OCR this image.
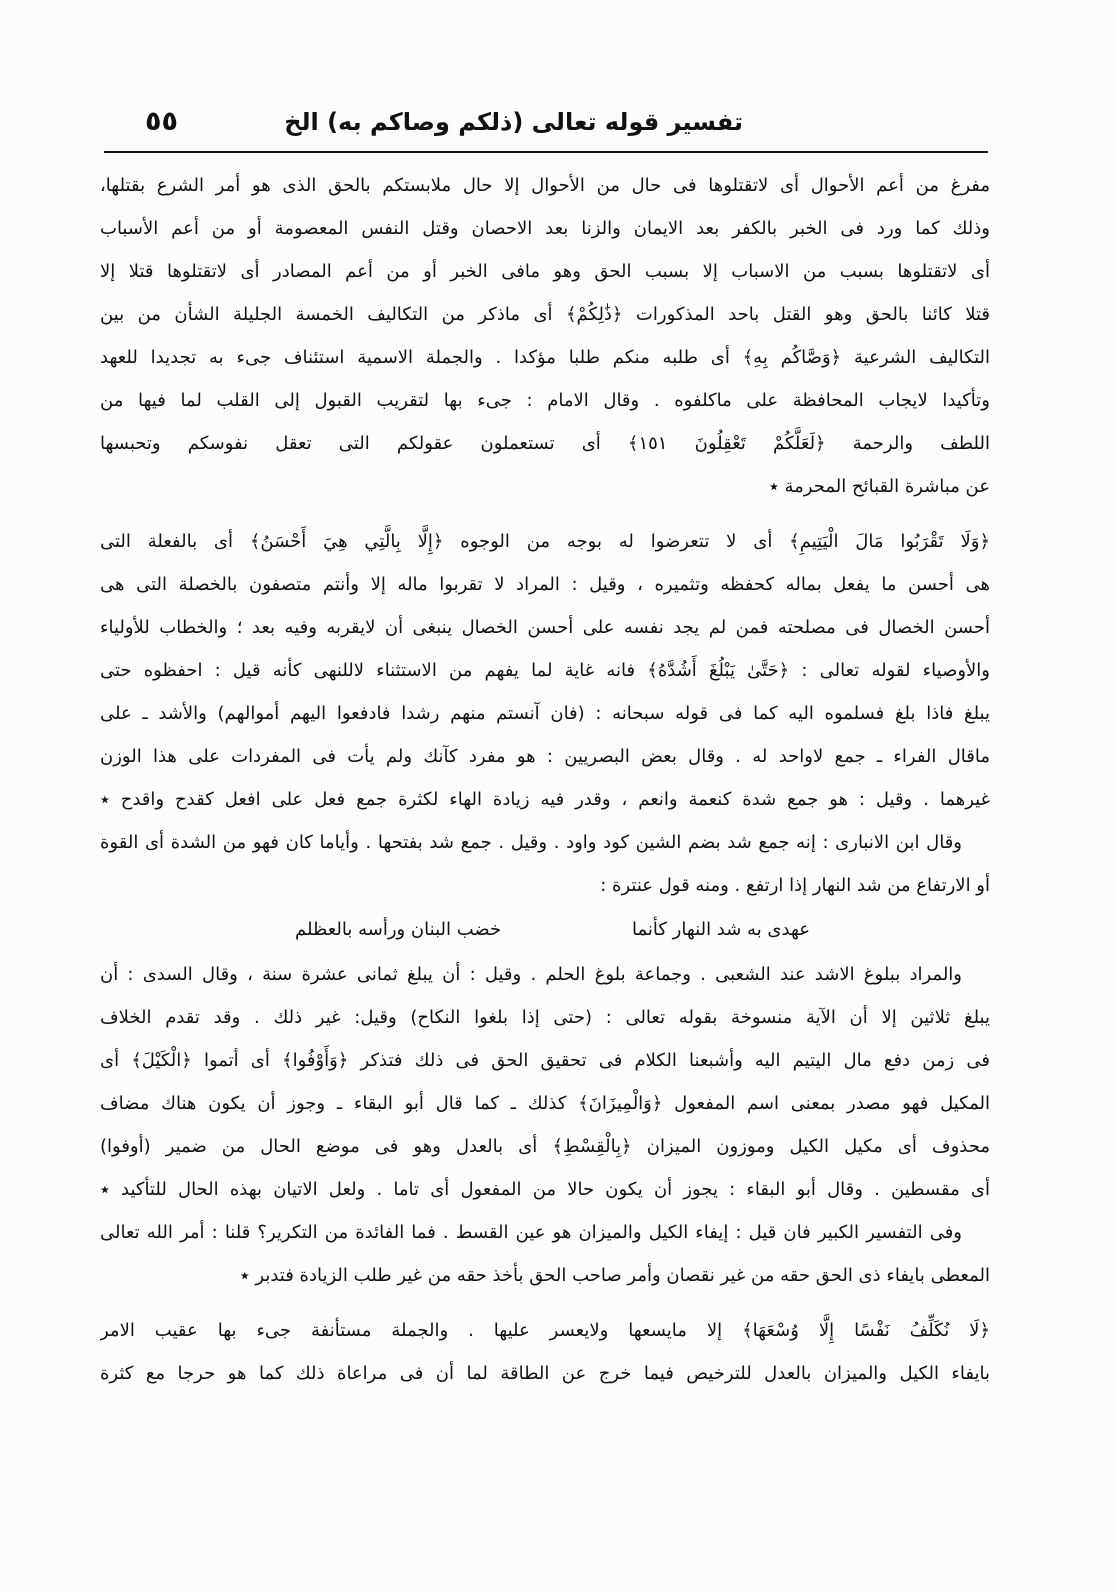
تفسير قوله تعالى (ذلكم وصاكم به) الخ
٥٥
مفرغ من أعم الأحوال أى لاتقتلوها فى حال من الأحوال إلا حال ملابستكم بالحق الذى هو أمر الشرع بقتلها،
وذلك كما ورد فى الخبر بالكفر بعد الايمان والزنا بعد الاحصان وقتل النفس المعصومة أو من أعم الأسباب
أى لاتقتلوها بسبب من الاسباب إلا بسبب الحق وهو مافى الخبر أو من أعم المصادر أى لاتقتلوها قتلا إلا
قتلا كائنا بالحق وهو القتل باحد المذكورات ﴿ذَٰلِكُمْ﴾ أى ماذكر من التكاليف الخمسة الجليلة الشأن من بين
التكاليف الشرعية ﴿وَصَّاكُم بِهِ﴾ أى طلبه منكم طلبا مؤكدا . والجملة الاسمية استئناف جىء به تجديدا للعهد
وتأكيدا لايجاب المحافظة على ماكلفوه . وقال الامام : جىء بها لتقريب القبول إلى القلب لما فيها من
اللطف والرحمة ﴿لَعَلَّكُمْ تَعْقِلُونَ ١٥١﴾ أى تستعملون عقولكم التى تعقل نفوسكم وتحبسها
عن مباشرة القبائح المحرمة ٭
﴿وَلَا تَقْرَبُوا مَالَ الْيَتِيمِ﴾ أى لا تتعرضوا له بوجه من الوجوه ﴿إِلَّا بِالَّتِي هِيَ أَحْسَنُ﴾ أى بالفعلة التى
هى أحسن ما يفعل بماله كحفظه وتثميره ، وقيل : المراد لا تقربوا ماله إلا وأنتم متصفون بالخصلة التى هى
أحسن الخصال فى مصلحته فمن لم يجد نفسه على أحسن الخصال ينبغى أن لايقربه وفيه بعد ؛ والخطاب للأولياء
والأوصياء لقوله تعالى : ﴿حَتَّىٰ يَبْلُغَ أَشُدَّهُ﴾ فانه غاية لما يفهم من الاستثناء لاللنهى كأنه قيل : احفظوه حتى
يبلغ فاذا بلغ فسلموه اليه كما فى قوله سبحانه : (فان آنستم منهم رشدا فادفعوا اليهم أموالهم) والأشد ـ على
ماقال الفراء ـ جمع لاواحد له . وقال بعض البصريين : هو مفرد كآنك ولم يأت فى المفردات على هذا الوزن
غيرهما . وقيل : هو جمع شدة كنعمة وانعم ، وقدر فيه زيادة الهاء لكثرة جمع فعل على افعل كقدح واقدح ٭
وقال ابن الانبارى : إنه جمع شد بضم الشين كود واود . وقيل . جمع شد بفتحها . وأياما كان فهو من الشدة أى القوة
أو الارتفاع من شد النهار إذا ارتفع . ومنه قول عنترة :
عهدى به شد النهار كأنما
خضب البنان ورأسه بالعظلم
والمراد ببلوغ الاشد عند الشعبى . وجماعة بلوغ الحلم . وقيل : أن يبلغ ثمانى عشرة سنة ، وقال السدى : أن
يبلغ ثلاثين إلا أن الآية منسوخة بقوله تعالى : (حتى إذا بلغوا النكاح) وقيل: غير ذلك . وقد تقدم الخلاف
فى زمن دفع مال اليتيم اليه وأشبعنا الكلام فى تحقيق الحق فى ذلك فتذكر ﴿وَأَوْفُوا﴾ أى أتموا ﴿الْكَيْلَ﴾ أى
المكيل فهو مصدر بمعنى اسم المفعول ﴿وَالْمِيزَانَ﴾ كذلك ـ كما قال أبو البقاء ـ وجوز أن يكون هناك مضاف
محذوف أى مكيل الكيل وموزون الميزان ﴿بِالْقِسْطِ﴾ أى بالعدل وهو فى موضع الحال من ضمير (أوفوا)
أى مقسطين . وقال أبو البقاء : يجوز أن يكون حالا من المفعول أى تاما . ولعل الاتيان بهذه الحال للتأكيد ٭
وفى التفسير الكبير فان قيل : إيفاء الكيل والميزان هو عين القسط . فما الفائدة من التكرير؟ قلنا : أمر الله تعالى
المعطى بايفاء ذى الحق حقه من غير نقصان وأمر صاحب الحق بأخذ حقه من غير طلب الزيادة فتدبر ٭
﴿لَا نُكَلِّفُ نَفْسًا إِلَّا وُسْعَهَا﴾ إلا مايسعها ولايعسر عليها . والجملة مستأنفة جىء بها عقيب الامر
بايفاء الكيل والميزان بالعدل للترخيص فيما خرج عن الطاقة لما أن فى مراعاة ذلك كما هو حرجا مع كثرة
